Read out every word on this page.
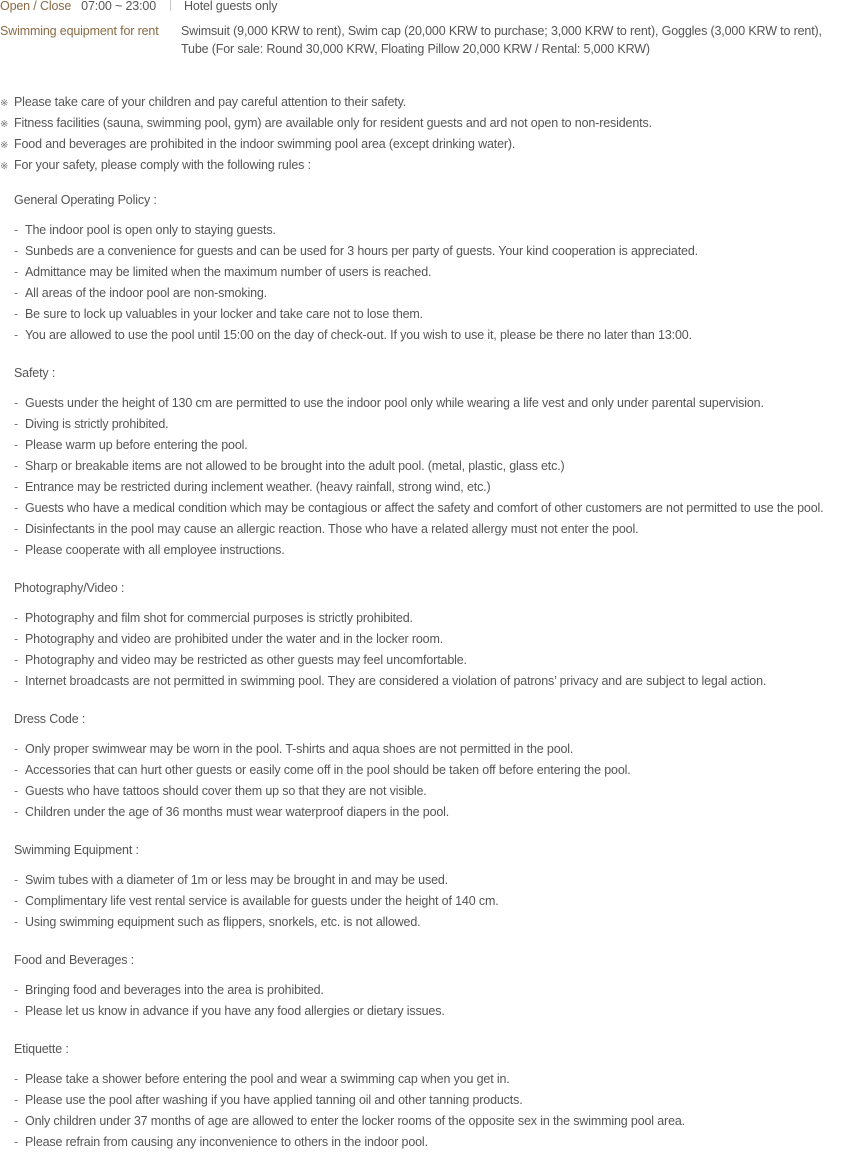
Open / Close 07:00 ~ 23:00 Hotel guests only
Swimming equipment for rent Swimsuit (9,000 KRW to rent), Swim cap (20,000 KRW to purchase; 3,000 KRW to rent), Goggles (3,000 KRW to rent),
Tube (For sale: Round 30,000 KRW, Floating Pillow 20,000 KRW / Rental: 5,000 KRW)
※ Please take care of your children and pay careful attention to their safety.
※ Fitness facilities (sauna, swimming pool, gym) are available only for resident guests and ard not open to non-residents.
※ Food and beverages are prohibited in the indoor swimming pool area (except drinking water).
※ For your safety, please comply with the following rules :
General Operating Policy :
- The indoor pool is open only to staying guests.
- Sunbeds are a convenience for guests and can be used for 3 hours per party of guests. Your kind cooperation is appreciated.
- Admittance may be limited when the maximum number of users is reached.
- All areas of the indoor pool are non-smoking.
- Be sure to lock up valuables in your locker and take care not to lose them.
- You are allowed to use the pool until 15:00 on the day of check-out. If you wish to use it, please be there no later than 13:00.
Safety :
- Guests under the height of 130 cm are permitted to use the indoor pool only while wearing a life vest and only under parental supervision.
- Diving is strictly prohibited.
- Please warm up before entering the pool.
- Sharp or breakable items are not allowed to be brought into the adult pool. (metal, plastic, glass etc.)
- Entrance may be restricted during inclement weather. (heavy rainfall, strong wind, etc.)
- Guests who have a medical condition which may be contagious or affect the safety and comfort of other customers are not permitted to use the pool.
- Disinfectants in the pool may cause an allergic reaction. Those who have a related allergy must not enter the pool.
- Please cooperate with all employee instructions.
Photography/Video :
- Photography and film shot for commercial purposes is strictly prohibited.
- Photography and video are prohibited under the water and in the locker room.
- Photography and video may be restricted as other guests may feel uncomfortable.
- Internet broadcasts are not permitted in swimming pool. They are considered a violation of patrons’ privacy and are subject to legal action.
Dress Code :
- Only proper swimwear may be worn in the pool. T-shirts and aqua shoes are not permitted in the pool.
- Accessories that can hurt other guests or easily come off in the pool should be taken off before entering the pool.
- Guests who have tattoos should cover them up so that they are not visible.
- Children under the age of 36 months must wear waterproof diapers in the pool.
Swimming Equipment :
- Swim tubes with a diameter of 1m or less may be brought in and may be used.
- Complimentary life vest rental service is available for guests under the height of 140 cm.
- Using swimming equipment such as flippers, snorkels, etc. is not allowed.
Food and Beverages :
- Bringing food and beverages into the area is prohibited.
- Please let us know in advance if you have any food allergies or dietary issues.
Etiquette :
- Please take a shower before entering the pool and wear a swimming cap when you get in.
- Please use the pool after washing if you have applied tanning oil and other tanning products.
- Only children under 37 months of age are allowed to enter the locker rooms of the opposite sex in the swimming pool area.
- Please refrain from causing any inconvenience to others in the indoor pool.
